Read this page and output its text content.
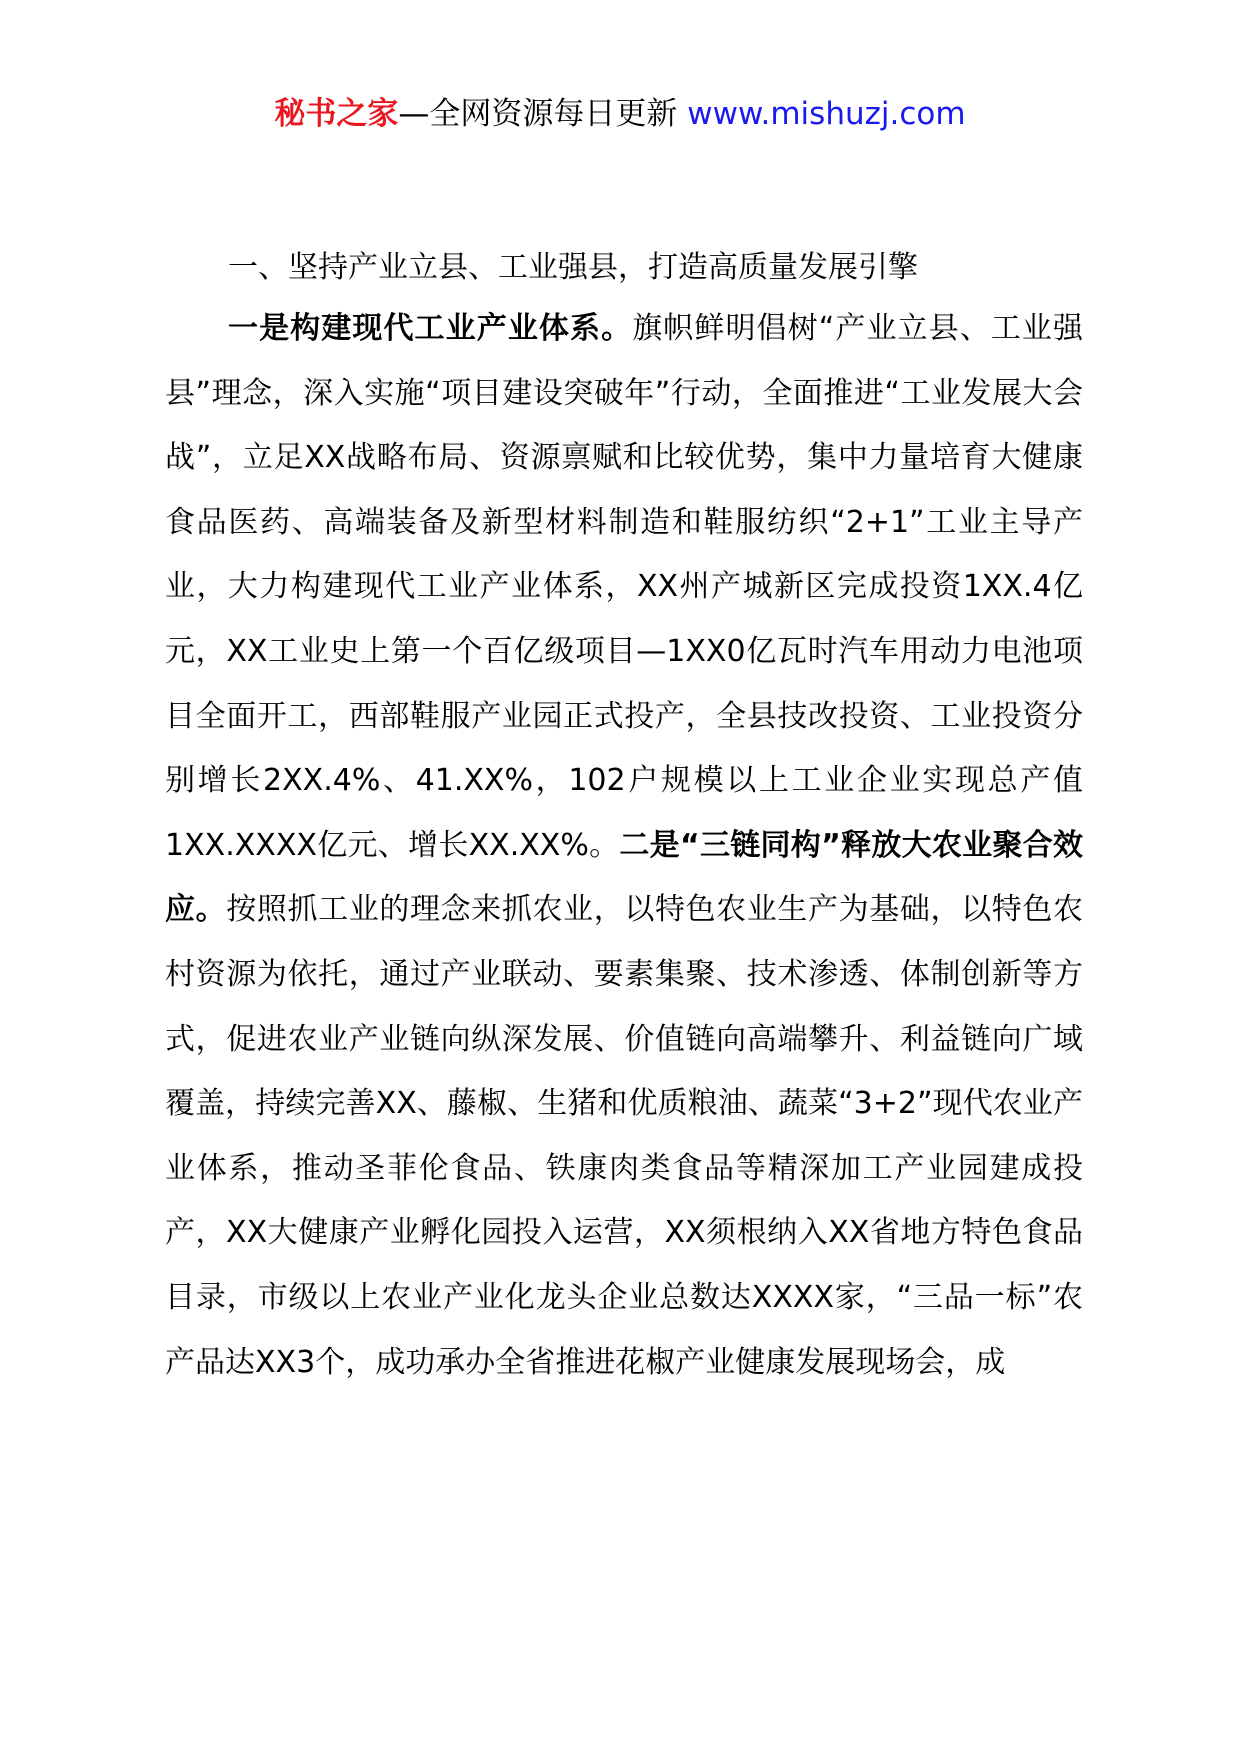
秘书之家—全网资源每日更新 www.mishuzj.com
一、坚持产业立县、工业强县，打造高质量发展引擎

一是构建现代工业产业体系。旗帜鲜明倡树“产业立县、工业强县”理念，深入实施“项目建设突破年”行动，全面推进“工业发展大会战”，立足XX战略布局、资源禀赋和比较优势，集中力量培育大健康食品医药、高端装备及新型材料制造和鞋服纺织“2+1”工业主导产业，大力构建现代工业产业体系，XX州产城新区完成投资1XX.4亿元，XX工业史上第一个百亿级项目—1XX0亿瓦时汽车用动力电池项目全面开工，西部鞋服产业园正式投产，全县技改投资、工业投资分别增长2XX.4%、41.XX%，102户规模以上工业企业实现总产值1XX.XXXX亿元、增长XX.XX%。二是“三链同构”释放大农业聚合效应。按照抓工业的理念来抓农业，以特色农业生产为基础，以特色农村资源为依托，通过产业联动、要素集聚、技术渗透、体制创新等方式，促进农业产业链向纵深发展、价值链向高端攀升、利益链向广域覆盖，持续完善XX、藤椒、生猪和优质粮油、蔬菜“3+2”现代农业产业体系，推动圣菲伦食品、铁康肉类食品等精深加工产业园建成投产，XX大健康产业孵化园投入运营，XX须根纳入XX省地方特色食品目录，市级以上农业产业化龙头企业总数达XXXX家，“三品一标”农产品达XX3个，成功承办全省推进花椒产业健康发展现场会，成
